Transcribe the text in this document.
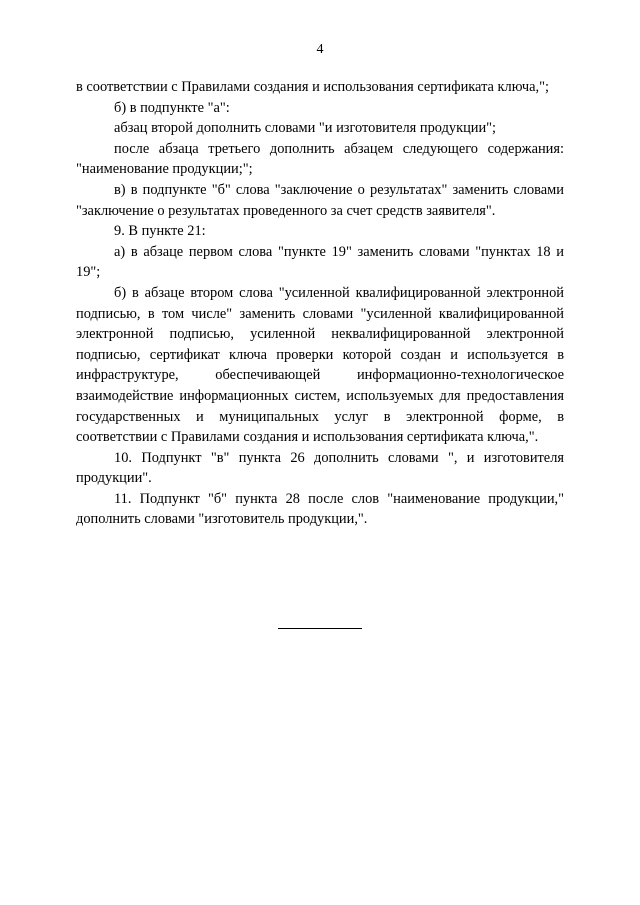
4

в соответствии с Правилами создания и использования сертификата ключа,";

б) в подпункте "а":

абзац второй дополнить словами "и изготовителя продукции";

после абзаца третьего дополнить абзацем следующего содержания: "наименование продукции;";

в) в подпункте "б" слова "заключение о результатах" заменить словами "заключение о результатах проведенного за счет средств заявителя".

9. В пункте 21:

а) в абзаце первом слова "пункте 19" заменить словами "пунктах 18 и 19";

б) в абзаце втором слова "усиленной квалифицированной электронной подписью, в том числе" заменить словами "усиленной квалифицированной электронной подписью, усиленной неквалифицированной электронной подписью, сертификат ключа проверки которой создан и используется в инфраструктуре, обеспечивающей информационно-технологическое взаимодействие информационных систем, используемых для предоставления государственных и муниципальных услуг в электронной форме, в соответствии с Правилами создания и использования сертификата ключа,".

10. Подпункт "в" пункта 26 дополнить словами ", и изготовителя продукции".

11. Подпункт "б" пункта 28 после слов "наименование продукции," дополнить словами "изготовитель продукции,".
